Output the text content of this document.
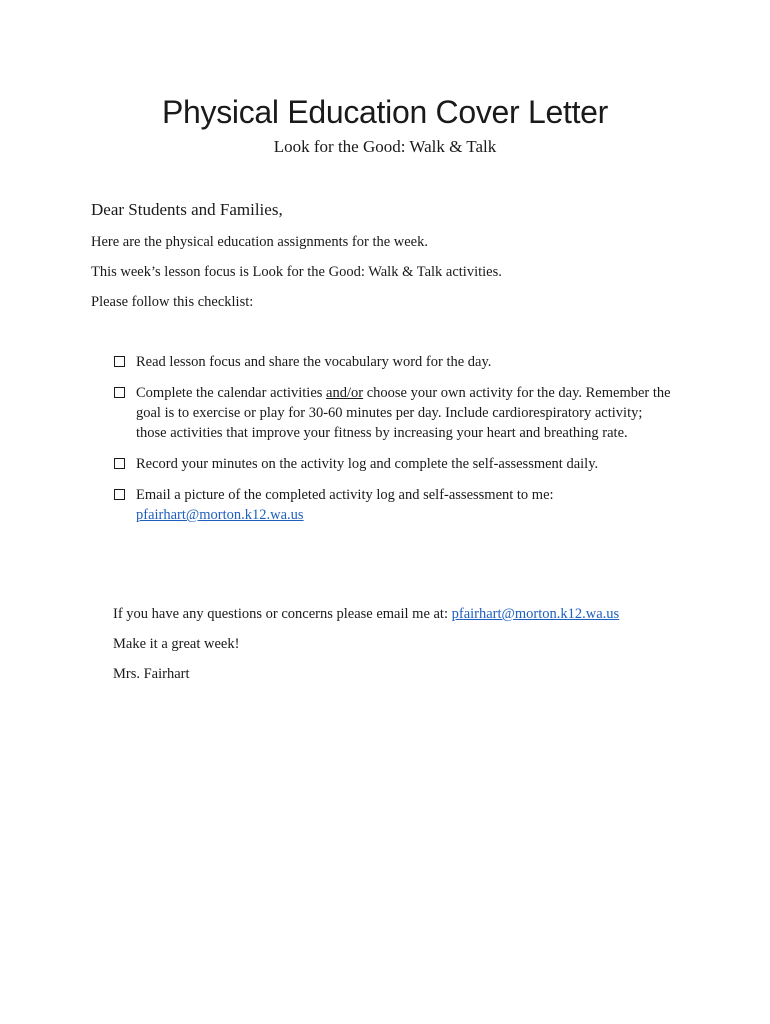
Physical Education Cover Letter
Look for the Good: Walk & Talk
Dear Students and Families,
Here are the physical education assignments for the week.
This week’s lesson focus is Look for the Good: Walk & Talk activities.
Please follow this checklist:
Read lesson focus and share the vocabulary word for the day.
Complete the calendar activities and/or choose your own activity for the day. Remember the goal is to exercise or play for 30-60 minutes per day. Include cardiorespiratory activity; those activities that improve your fitness by increasing your heart and breathing rate.
Record your minutes on the activity log and complete the self-assessment daily.
Email a picture of the completed activity log and self-assessment to me:
pfairhart@morton.k12.wa.us
If you have any questions or concerns please email me at: pfairhart@morton.k12.wa.us
Make it a great week!
Mrs. Fairhart
